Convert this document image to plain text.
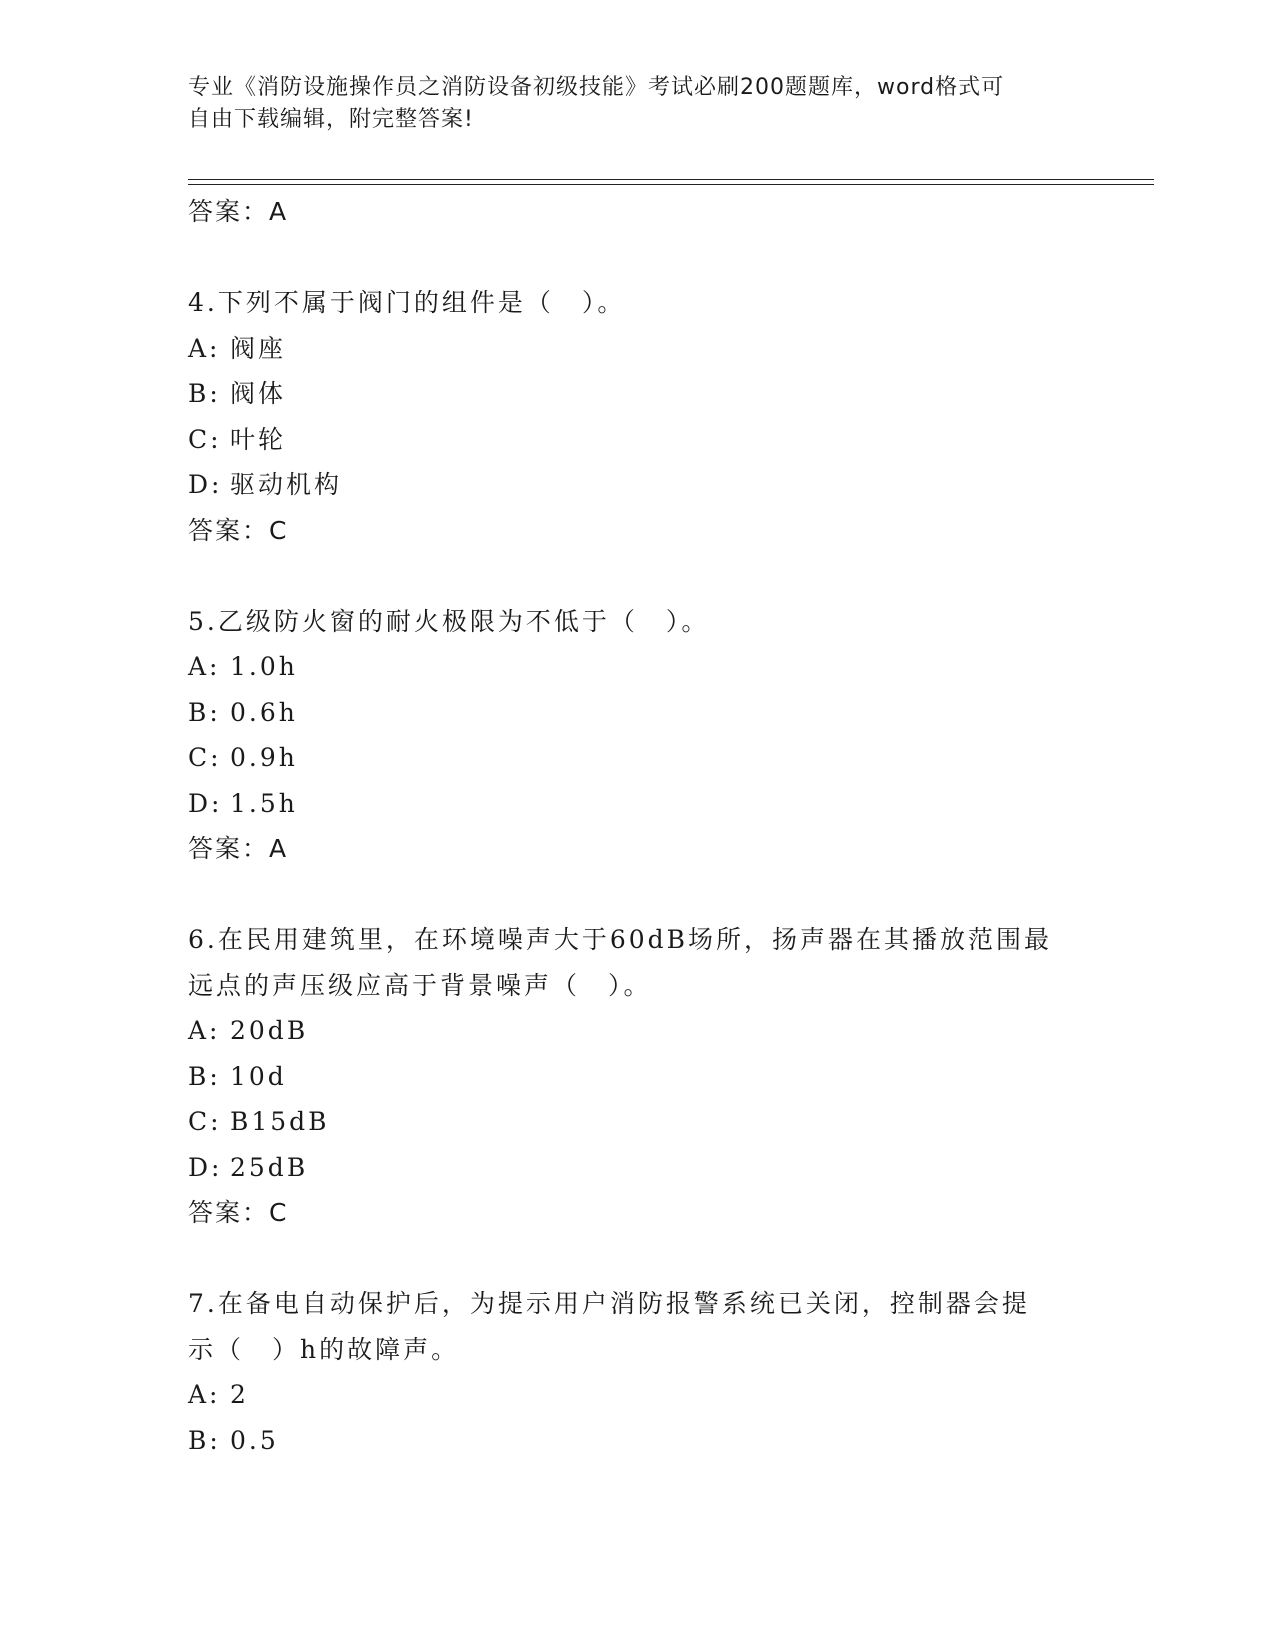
专业《消防设施操作员之消防设备初级技能》考试必刷200题题库，word格式可
自由下载编辑，附完整答案!
答案：A
4.下列不属于阀门的组件是（　）。
A: 阀座
B: 阀体
C: 叶轮
D: 驱动机构
答案：C
5.乙级防火窗的耐火极限为不低于（　）。
A: 1.0h
B: 0.6h
C: 0.9h
D: 1.5h
答案：A
6.在民用建筑里，在环境噪声大于60dB场所，扬声器在其播放范围最
远点的声压级应高于背景噪声（　）。
A: 20dB
B: 10d
C: B15dB
D: 25dB
答案：C
7.在备电自动保护后，为提示用户消防报警系统已关闭，控制器会提
示（　）h的故障声。
A: 2
B: 0.5
